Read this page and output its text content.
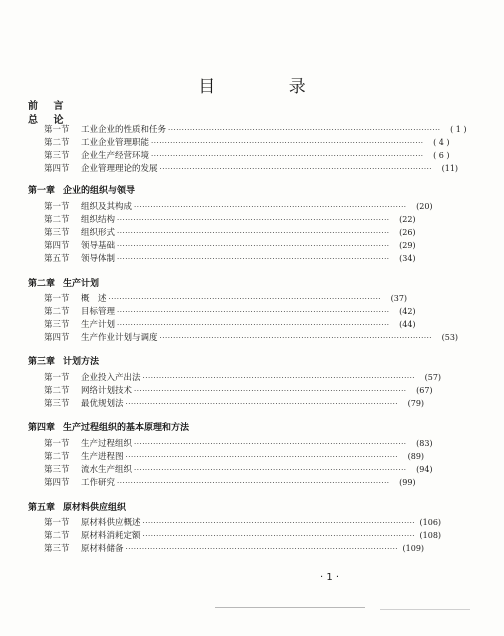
目 录
前 言
总 论
第一节	工业企业的性质和任务 ····································································································	( 1 )
第二节	工业企业管理职能 ····································································································	( 4 )
第三节	企业生产经营环境 ····································································································	( 6 )
第四节	企业管理理论的发展 ····································································································	(11)
第一章 企业的组织与领导
第一节	组织及其构成 ····································································································	(20)
第二节	组织结构 ····································································································	(22)
第三节	组织形式 ····································································································	(26)
第四节	领导基础 ····································································································	(29)
第五节	领导体制 ····································································································	(34)
第二章 生产计划
第一节	概　述 ····································································································	(37)
第二节	目标管理 ····································································································	(42)
第三节	生产计划 ····································································································	(44)
第四节	生产作业计划与调度 ····································································································	(53)
第三章 计划方法
第一节	企业投入产出法 ····································································································	(57)
第二节	网络计划技术 ····································································································	(67)
第三节	最优规划法 ····································································································	(79)
第四章 生产过程组织的基本原理和方法
第一节	生产过程组织 ····································································································	(83)
第二节	生产进程图 ····································································································	(89)
第三节	流水生产组织 ····································································································	(94)
第四节	工作研究 ····································································································	(99)
第五章 原材料供应组织
第一节	原材料供应概述 ···································································································· (106)
第二节	原材料消耗定额 ···································································································· (108)
第三节	原材料储备 ···································································································· (109)
· 1 ·
